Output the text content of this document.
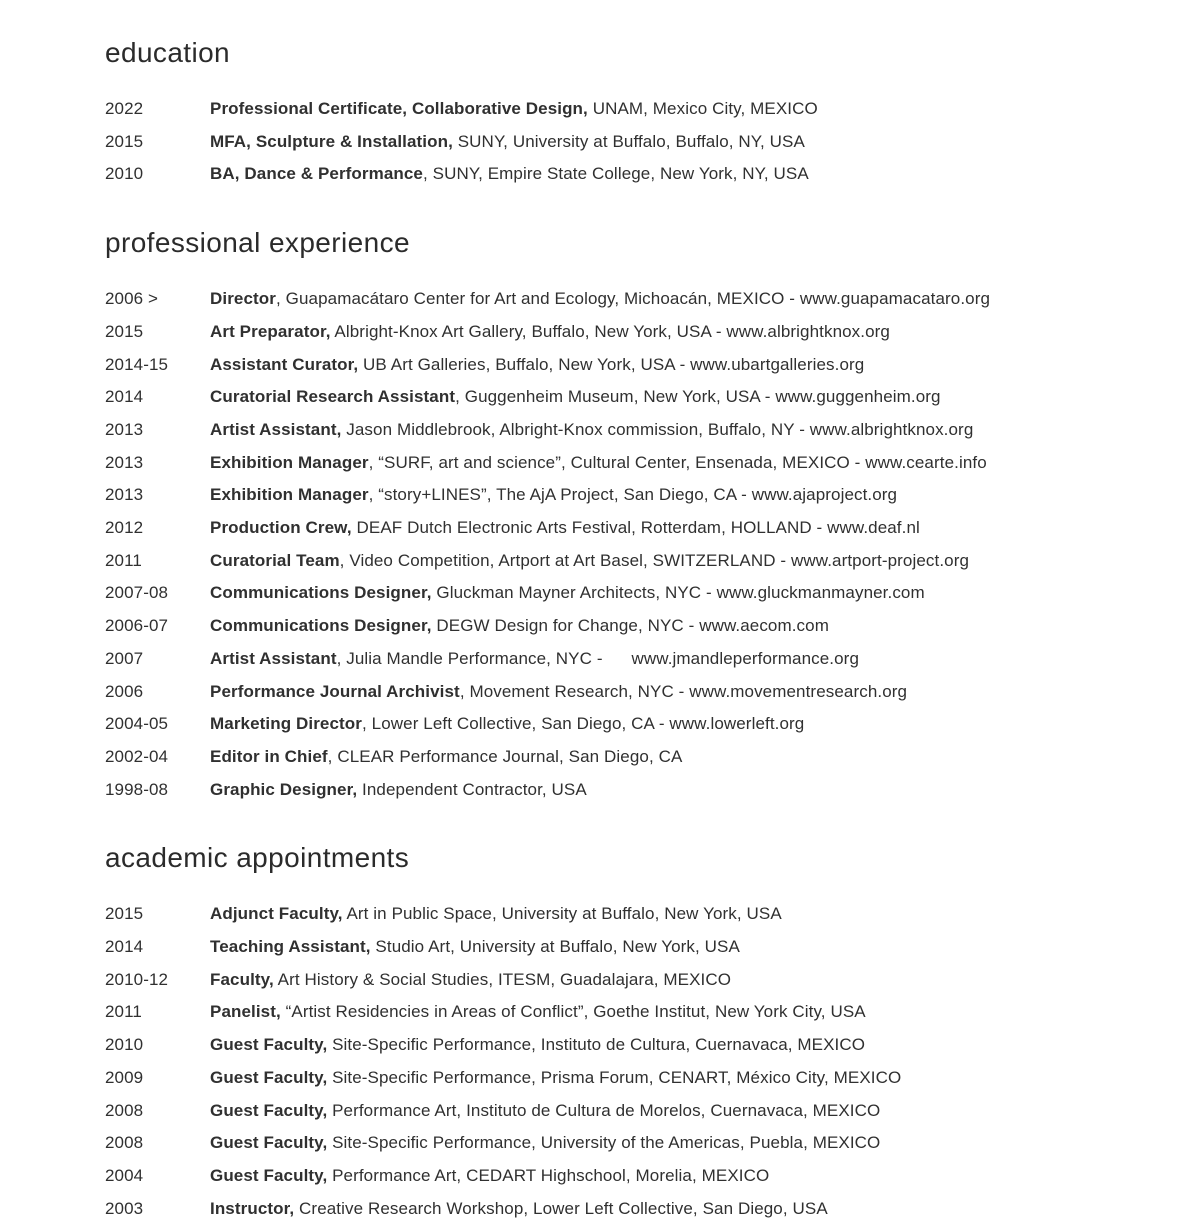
education
2022	Professional Certificate, Collaborative Design, UNAM, Mexico City, MEXICO
2015	MFA, Sculpture & Installation, SUNY, University at Buffalo, Buffalo, NY, USA
2010	BA, Dance & Performance, SUNY, Empire State College, New York, NY, USA
professional experience
2006 >	Director, Guapamacátaro Center for Art and Ecology, Michoacán, MEXICO - www.guapamacataro.org
2015	Art Preparator, Albright-Knox Art Gallery, Buffalo, New York, USA - www.albrightknox.org
2014-15	Assistant Curator, UB Art Galleries, Buffalo, New York, USA - www.ubartgalleries.org
2014	Curatorial Research Assistant, Guggenheim Museum, New York, USA - www.guggenheim.org
2013	Artist Assistant, Jason Middlebrook, Albright-Knox commission, Buffalo, NY - www.albrightknox.org
2013	Exhibition Manager, “SURF, art and science”, Cultural Center, Ensenada, MEXICO - www.cearte.info
2013	Exhibition Manager, “story+LINES”, The AjA Project, San Diego, CA - www.ajaproject.org
2012	Production Crew, DEAF Dutch Electronic Arts Festival, Rotterdam, HOLLAND - www.deaf.nl
2011	Curatorial Team, Video Competition, Artport at Art Basel, SWITZERLAND - www.artport-project.org
2007-08	Communications Designer, Gluckman Mayner Architects, NYC - www.gluckmanmayner.com
2006-07	Communications Designer, DEGW Design for Change, NYC - www.aecom.com
2007	Artist Assistant, Julia Mandle Performance, NYC -      www.jmandleperformance.org
2006	Performance Journal Archivist, Movement Research, NYC - www.movementresearch.org
2004-05	Marketing Director, Lower Left Collective, San Diego, CA - www.lowerleft.org
2002-04	Editor in Chief, CLEAR Performance Journal, San Diego, CA
1998-08	Graphic Designer, Independent Contractor, USA
academic appointments
2015	Adjunct Faculty, Art in Public Space, University at Buffalo, New York, USA
2014	Teaching Assistant, Studio Art, University at Buffalo, New York, USA
2010-12	Faculty, Art History & Social Studies, ITESM, Guadalajara, MEXICO
2011	Panelist, “Artist Residencies in Areas of Conflict”, Goethe Institut, New York City, USA
2010	Guest Faculty, Site-Specific Performance, Instituto de Cultura, Cuernavaca, MEXICO
2009	Guest Faculty, Site-Specific Performance, Prisma Forum, CENART, México City, MEXICO
2008	Guest Faculty, Performance Art, Instituto de Cultura de Morelos, Cuernavaca, MEXICO
2008	Guest Faculty, Site-Specific Performance, University of the Americas, Puebla, MEXICO
2004	Guest Faculty, Performance Art, CEDART Highschool, Morelia, MEXICO
2003	Instructor, Creative Research Workshop, Lower Left Collective, San Diego, USA
